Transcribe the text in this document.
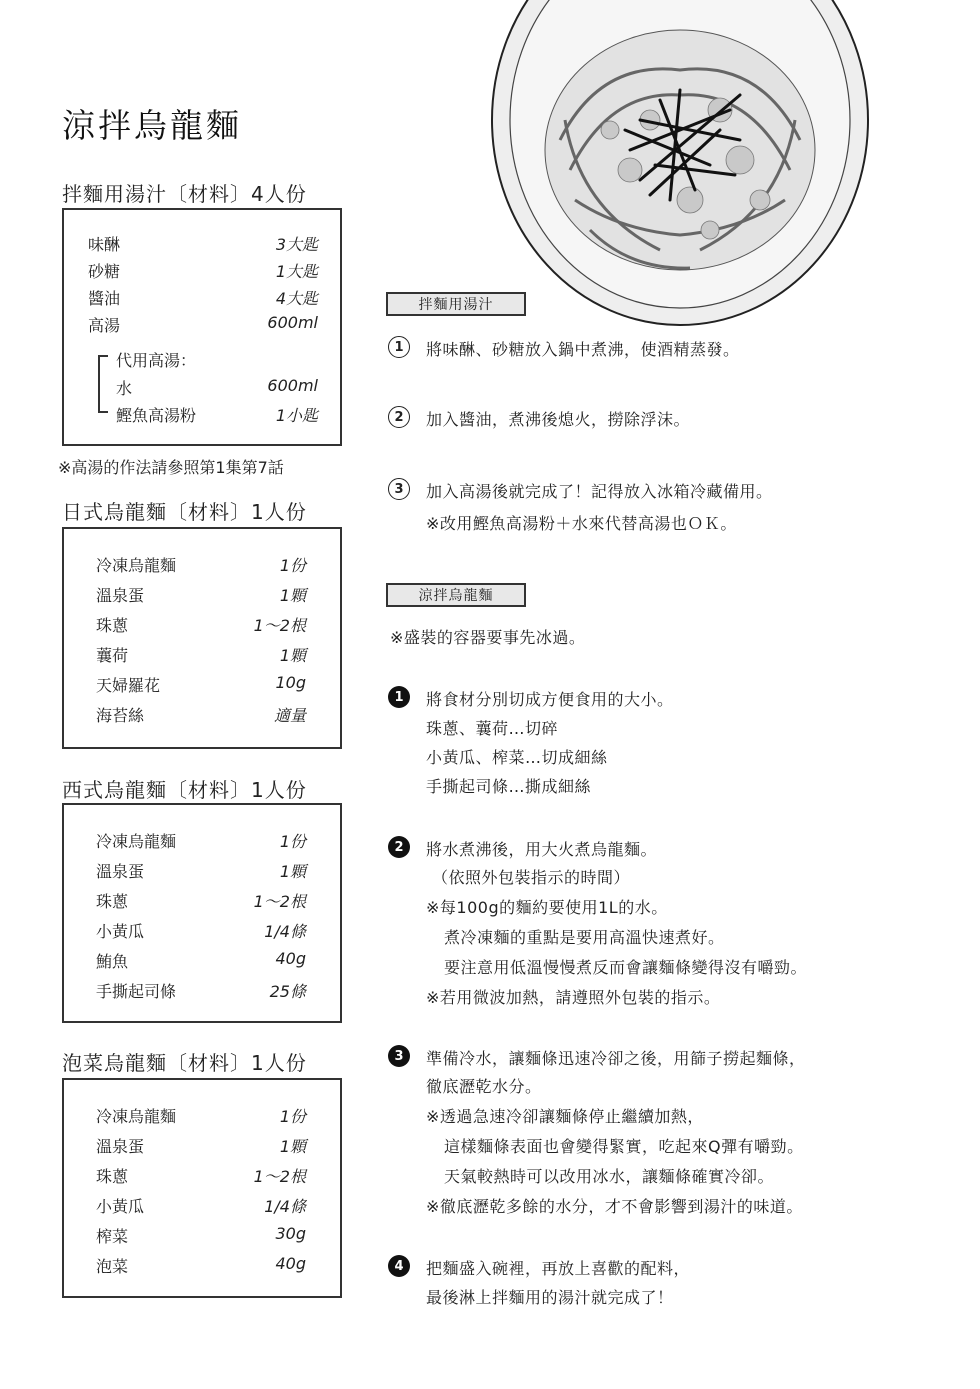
涼拌烏龍麵
拌麵用湯汁〔材料〕4人份
味醂	3大匙
砂糖	1大匙
醬油	4大匙
高湯	600ml
代用高湯：
水	600ml
鰹魚高湯粉	1小匙
※高湯的作法請參照第1集第7話
日式烏龍麵〔材料〕1人份
冷凍烏龍麵	1份
溫泉蛋	1顆
珠蔥	1～2根
蘘荷	1顆
天婦羅花	10g
海苔絲	適量
西式烏龍麵〔材料〕1人份
冷凍烏龍麵	1份
溫泉蛋	1顆
珠蔥	1～2根
小黃瓜	1/4條
鮪魚	40g
手撕起司條	25條
泡菜烏龍麵〔材料〕1人份
冷凍烏龍麵	1份
溫泉蛋	1顆
珠蔥	1～2根
小黃瓜	1/4條
榨菜	30g
泡菜	40g
拌麵用湯汁
1	將味醂、砂糖放入鍋中煮沸，使酒精蒸發。
2	加入醬油，煮沸後熄火，撈除浮沫。
3	加入高湯後就完成了！記得放入冰箱冷藏備用。
※改用鰹魚高湯粉＋水來代替高湯也ＯＫ。
涼拌烏龍麵
※盛裝的容器要事先冰過。
1	將食材分別切成方便食用的大小。
珠蔥、蘘荷…切碎
小黃瓜、榨菜…切成細絲
手撕起司條…撕成細絲
2	將水煮沸後，用大火煮烏龍麵。
（依照外包裝指示的時間）
※每100g的麵約要使用1L的水。
煮冷凍麵的重點是要用高溫快速煮好。
要注意用低溫慢慢煮反而會讓麵條變得沒有嚼勁。
※若用微波加熱，請遵照外包裝的指示。
3	準備冷水，讓麵條迅速冷卻之後，用篩子撈起麵條，
徹底瀝乾水分。
※透過急速冷卻讓麵條停止繼續加熱，
這樣麵條表面也會變得緊實，吃起來Q彈有嚼勁。
天氣較熱時可以改用冰水，讓麵條確實冷卻。
※徹底瀝乾多餘的水分，才不會影響到湯汁的味道。
4	把麵盛入碗裡，再放上喜歡的配料，
最後淋上拌麵用的湯汁就完成了！
